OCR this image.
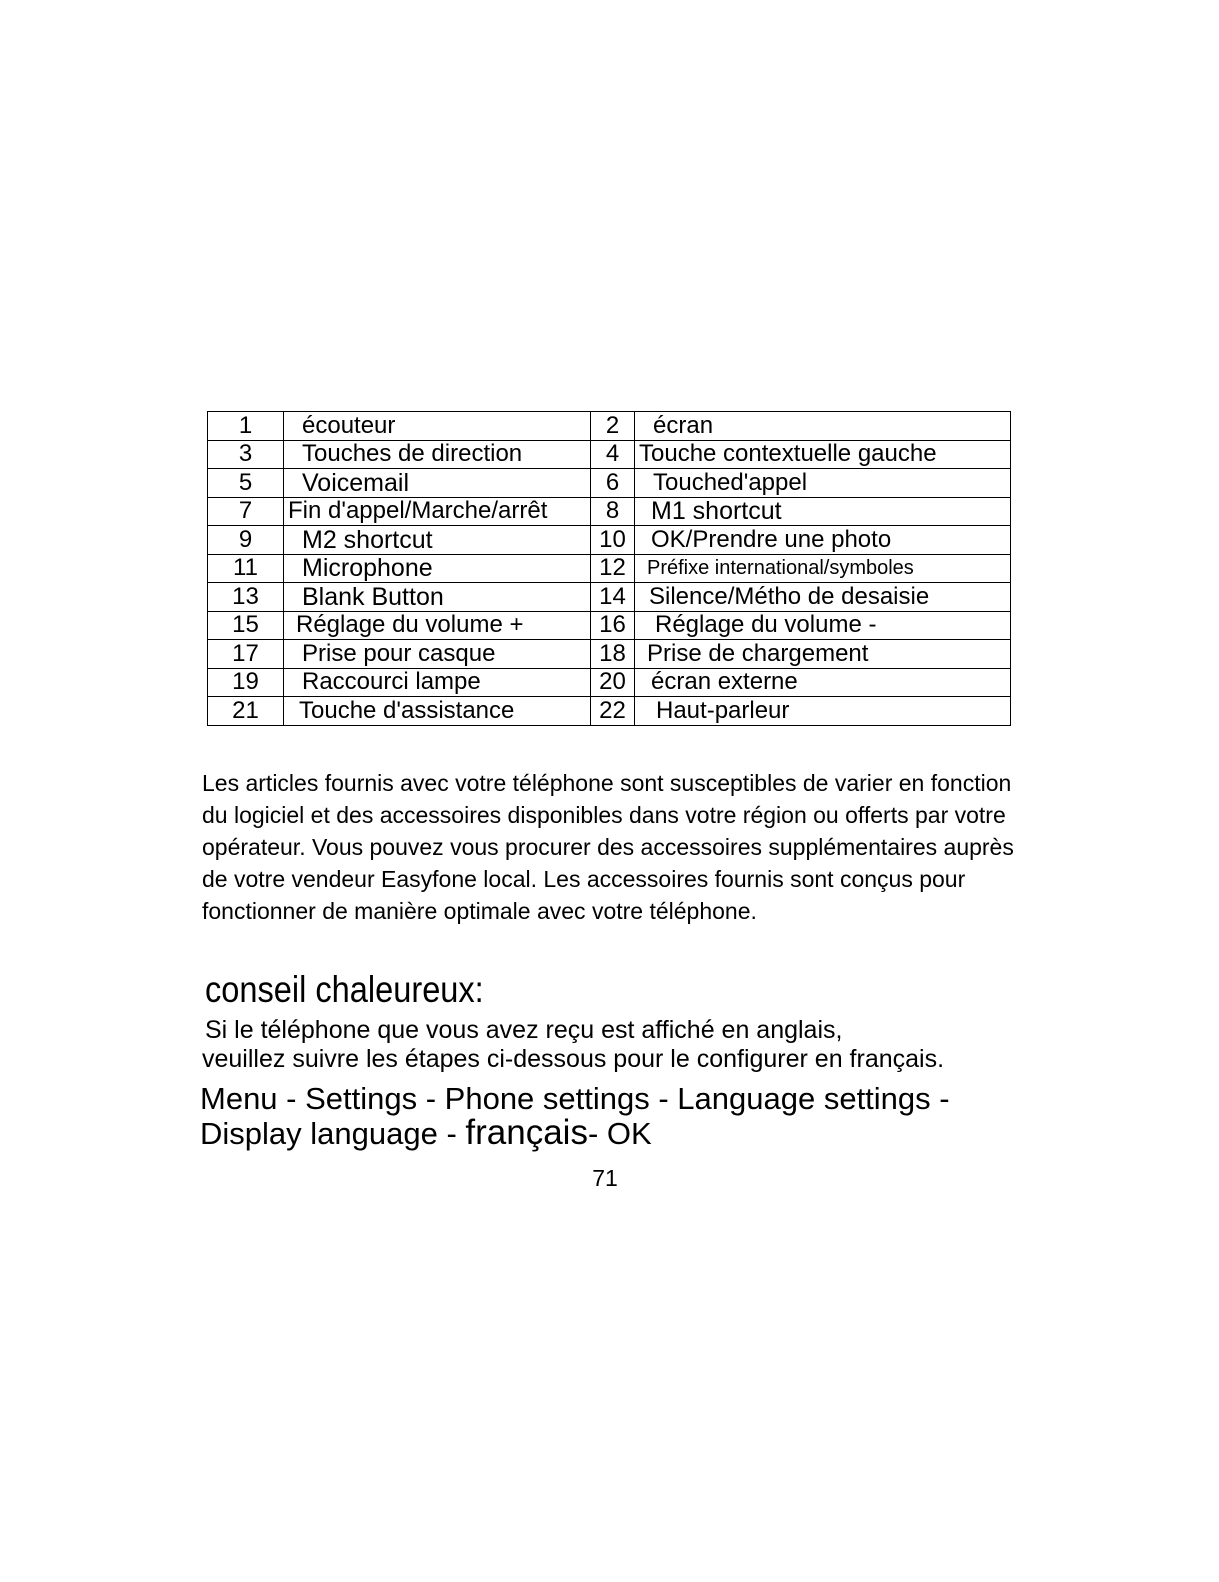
1	écouteur	2	écran
3	Touches de direction	4	Touche contextuelle gauche
5	Voicemail	6	Touched'appel
7	Fin d'appel/Marche/arrêt	8	M1 shortcut
9	M2 shortcut	10	OK/Prendre une photo
11	Microphone	12	Préfixe international/symboles
13	Blank Button	14	Silence/Métho de desaisie
15	Réglage du volume +	16	Réglage du volume -
17	Prise pour casque	18	Prise de chargement
19	Raccourci lampe	20	écran externe
21	Touche d'assistance	22	Haut-parleur

Les articles fournis avec votre téléphone sont susceptibles de varier en fonction du logiciel et des accessoires disponibles dans votre région ou offerts par votre opérateur. Vous pouvez vous procurer des accessoires supplémentaires auprès de votre vendeur Easyfone local. Les accessoires fournis sont conçus pour fonctionner de manière optimale avec votre téléphone.

conseil chaleureux:

Si le téléphone que vous avez reçu est affiché en anglais,
veuillez suivre les étapes ci-dessous pour le configurer en français.

Menu - Settings - Phone settings - Language settings -
Display language - français- OK

71
